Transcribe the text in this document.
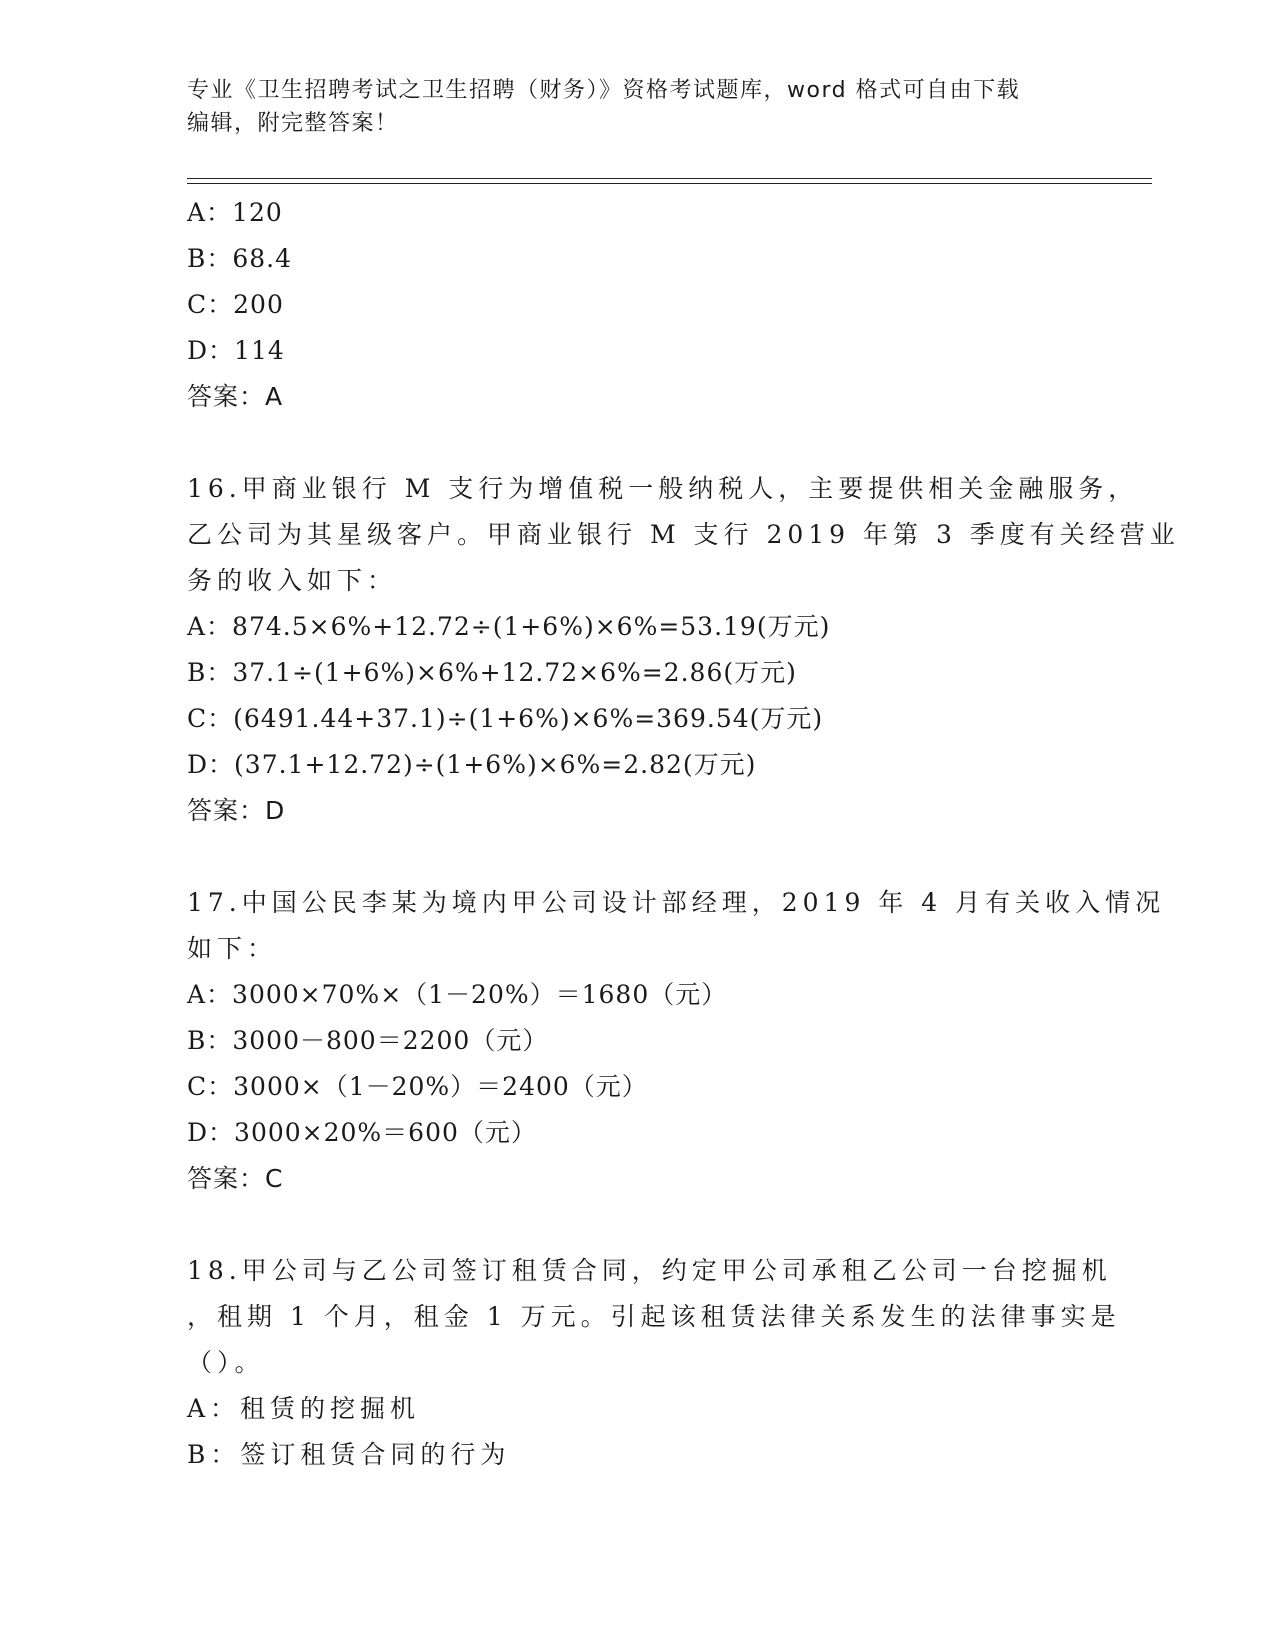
专业《卫生招聘考试之卫生招聘（财务）》资格考试题库，word 格式可自由下载
编辑，附完整答案！
A：120
B：68.4
C：200
D：114
答案：A
16.甲商业银行 M 支行为增值税一般纳税人，主要提供相关金融服务，
乙公司为其星级客户。甲商业银行 M 支行 2019 年第 3 季度有关经营业
务的收入如下：
A：874.5×6%+12.72÷(1+6%)×6%=53.19(万元)
B：37.1÷(1+6%)×6%+12.72×6%=2.86(万元)
C：(6491.44+37.1)÷(1+6%)×6%=369.54(万元)
D：(37.1+12.72)÷(1+6%)×6%=2.82(万元)
答案：D
17.中国公民李某为境内甲公司设计部经理，2019 年 4 月有关收入情况
如下：
A：3000×70%×（1－20%）＝1680（元）
B：3000－800＝2200（元）
C：3000×（1－20%）＝2400（元）
D：3000×20%＝600（元）
答案：C
18.甲公司与乙公司签订租赁合同，约定甲公司承租乙公司一台挖掘机
，租期 1 个月，租金 1 万元。引起该租赁法律关系发生的法律事实是
（）。
A：租赁的挖掘机
B：签订租赁合同的行为
